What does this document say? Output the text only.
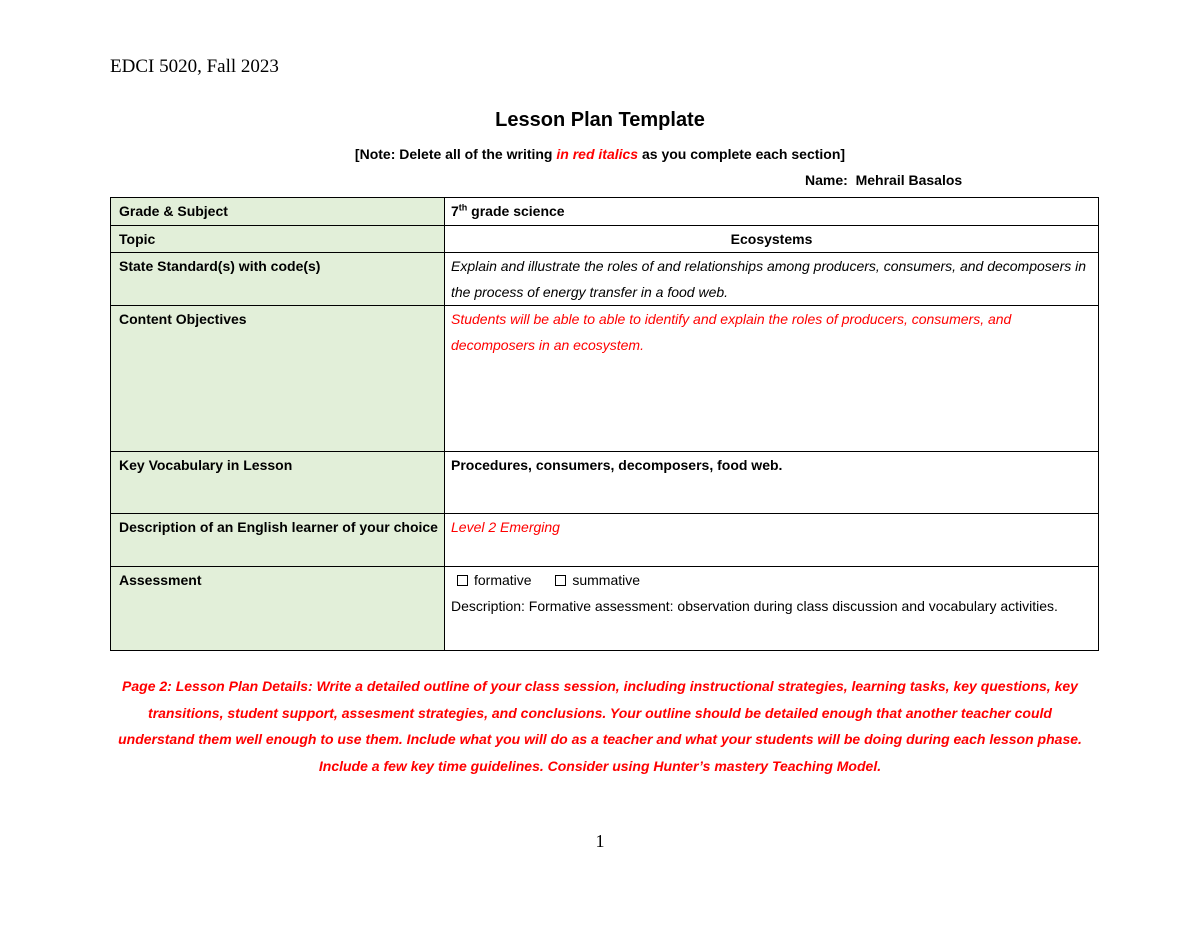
EDCI 5020, Fall 2023
Lesson Plan Template
[Note: Delete all of the writing in red italics as you complete each section]
Name: Mehrail Basalos
Grade & Subject	7th grade science
Topic	Ecosystems
State Standard(s) with code(s)	Explain and illustrate the roles of and relationships among producers, consumers, and decomposers in the process of energy transfer in a food web.
Content Objectives	Students will be able to able to identify and explain the roles of producers, consumers, and decomposers in an ecosystem.
Key Vocabulary in Lesson	Procedures, consumers, decomposers, food web.
Description of an English learner of your choice	Level 2 Emerging
Assessment	formative summative
Description: Formative assessment: observation during class discussion and vocabulary activities.
Page 2: Lesson Plan Details: Write a detailed outline of your class session, including instructional strategies, learning tasks, key questions, key transitions, student support, assesment strategies, and conclusions. Your outline should be detailed enough that another teacher could understand them well enough to use them. Include what you will do as a teacher and what your students will be doing during each lesson phase. Include a few key time guidelines. Consider using Hunter’s mastery Teaching Model.
1
